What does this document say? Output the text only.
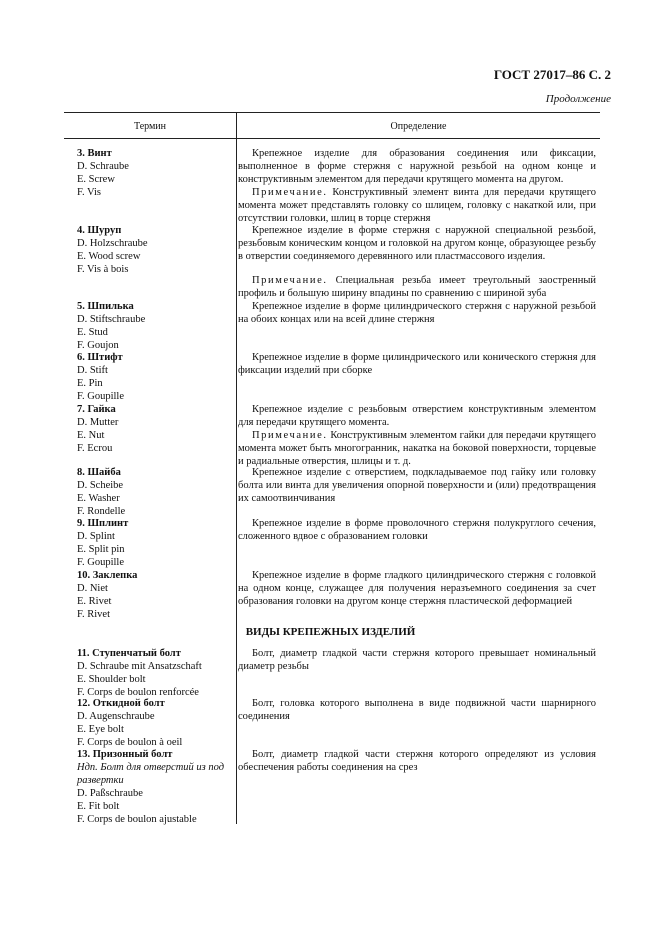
ГОСТ 27017–86 С. 2
Продолжение
Термин	Определение
3. Винт
D. Schraube
E. Screw
F. Vis
Крепежное изделие для образования соединения или фиксации, выполненное в форме стержня с наружной резьбой на одном конце и конструктивным элементом для передачи крутящего момента на другом.
Примечание. Конструктивный элемент винта для передачи крутящего момента может представлять головку со шлицем, головку с накаткой или, при отсутствии головки, шлиц в торце стержня
4. Шуруп
D. Holzschraube
E. Wood screw
F. Vis à bois
Крепежное изделие в форме стержня с наружной специальной резьбой, резьбовым коническим концом и головкой на другом конце, образующее резьбу в отверстии соединяемого деревянного или пластмассового изделия.
Примечание. Специальная резьба имеет треугольный заостренный профиль и большую ширину впадины по сравнению с шириной зуба
5. Шпилька
D. Stiftschraube
E. Stud
F. Goujon
Крепежное изделие в форме цилиндрического стержня с наружной резьбой на обоих концах или на всей длине стержня
6. Штифт
D. Stift
E. Pin
F. Goupille
Крепежное изделие в форме цилиндрического или конического стержня для фиксации изделий при сборке
7. Гайка
D. Mutter
E. Nut
F. Ecrou
Крепежное изделие с резьбовым отверстием конструктивным элементом для передачи крутящего момента.
Примечание. Конструктивным элементом гайки для передачи крутящего момента может быть многогранник, накатка на боковой поверхности, торцевые и радиальные отверстия, шлицы и т. д.
8. Шайба
D. Scheibe
E. Washer
F. Rondelle
Крепежное изделие с отверстием, подкладываемое под гайку или головку болта или винта для увеличения опорной поверхности и (или) предотвращения их самоотвинчивания
9. Шплинт
D. Splint
E. Split pin
F. Goupille
Крепежное изделие в форме проволочного стержня полукруглого сечения, сложенного вдвое с образованием головки
10. Заклепка
D. Niet
E. Rivet
F. Rivet
Крепежное изделие в форме гладкого цилиндрического стержня с головкой на одном конце, служащее для получения неразъемного соединения за счет образования головки на другом конце стержня пластической деформацией
ВИДЫ КРЕПЕЖНЫХ ИЗДЕЛИЙ
11. Ступенчатый болт
D. Schraube mit Ansatzschaft
E. Shoulder bolt
F. Corps de boulon renforcée
Болт, диаметр гладкой части стержня которого превышает номинальный диаметр резьбы
12. Откидной болт
D. Augenschraube
E. Eye bolt
F. Corps de boulon à oeil
Болт, головка которого выполнена в виде подвижной части шарнирного соединения
13. Призонный болт
Ндп. Болт для отверстий из под развертки
D. Paßschraube
E. Fit bolt
F. Corps de boulon ajustable
Болт, диаметр гладкой части стержня которого определяют из условия обеспечения работы соединения на срез
